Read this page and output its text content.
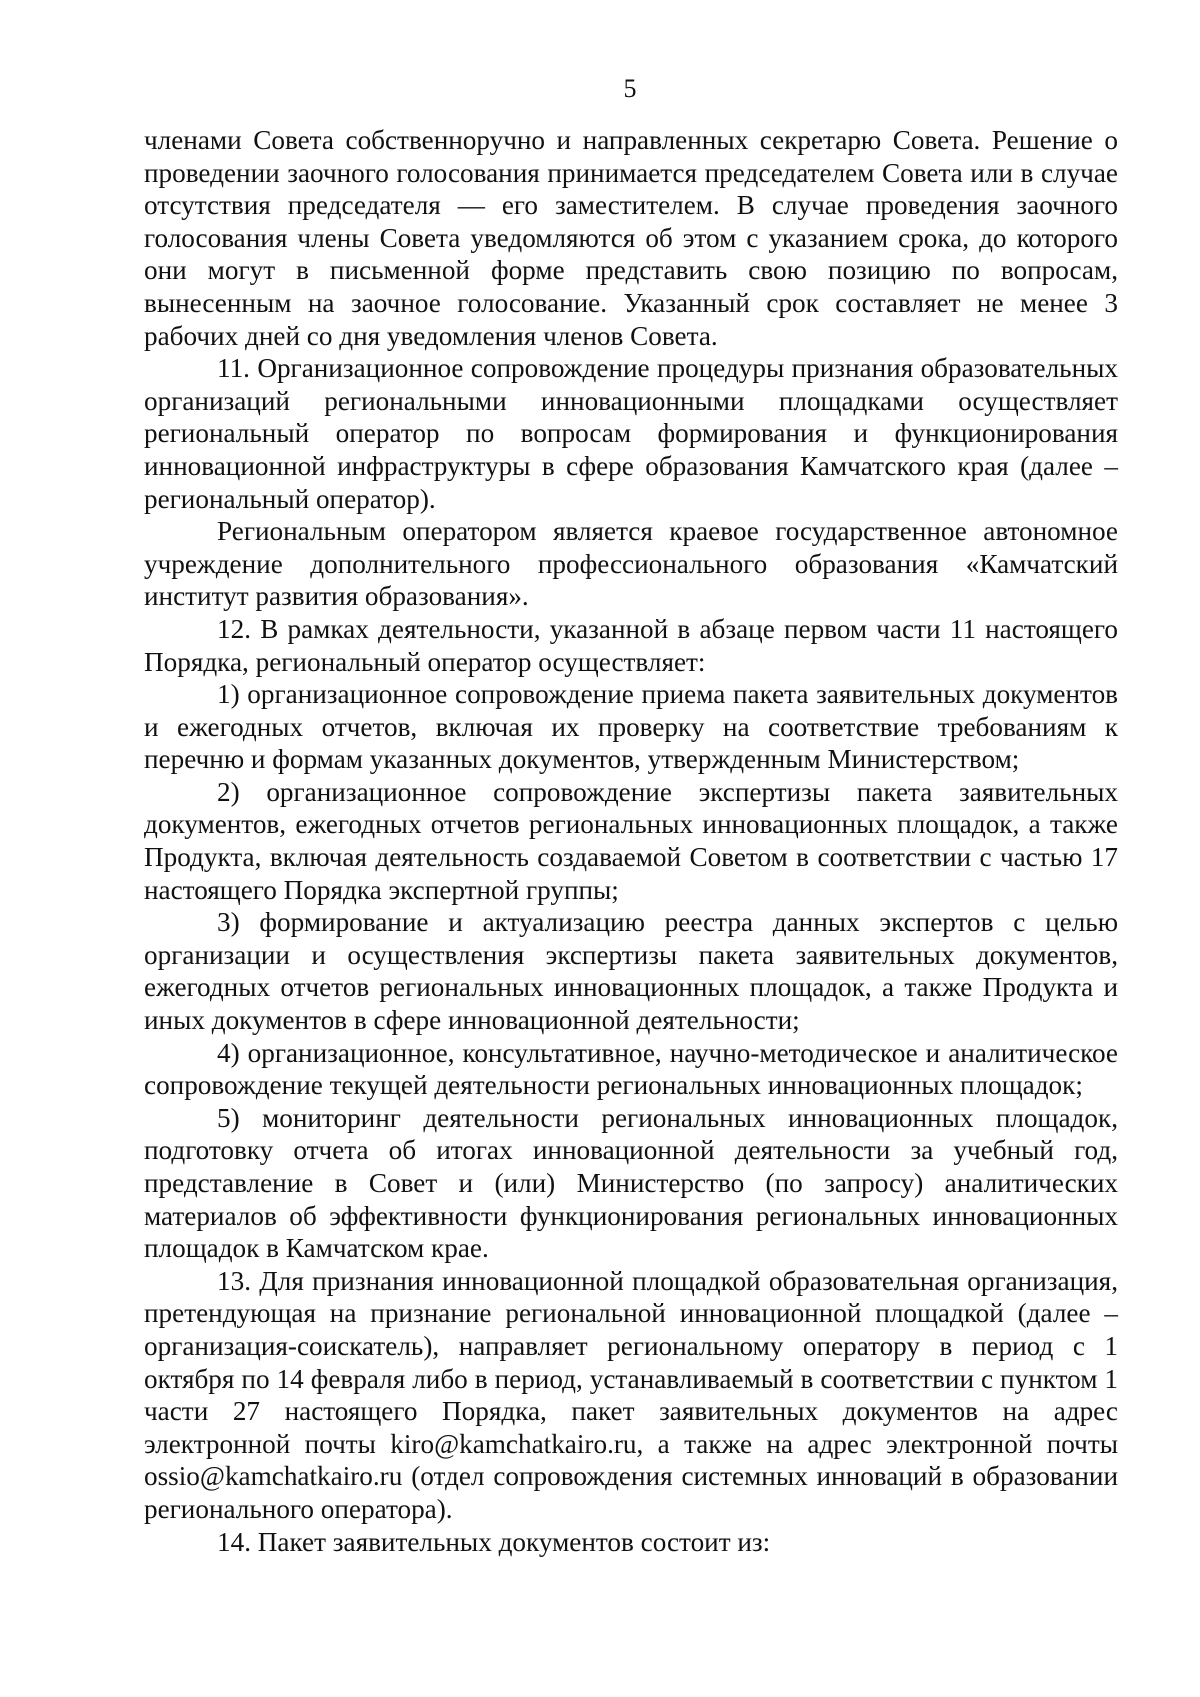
5

членами Совета собственноручно и направленных секретарю Совета. Решение о проведении заочного голосования принимается председателем Совета или в случае отсутствия председателя — его заместителем. В случае проведения заочного голосования члены Совета уведомляются об этом с указанием срока, до которого они могут в письменной форме представить свою позицию по вопросам, вынесенным на заочное голосование. Указанный срок составляет не менее 3 рабочих дней со дня уведомления членов Совета.

11. Организационное сопровождение процедуры признания образовательных организаций региональными инновационными площадками осуществляет региональный оператор по вопросам формирования и функционирования инновационной инфраструктуры в сфере образования Камчатского края (далее – региональный оператор).

Региональным оператором является краевое государственное автономное учреждение дополнительного профессионального образования «Камчатский институт развития образования».

12. В рамках деятельности, указанной в абзаце первом части 11 настоящего Порядка, региональный оператор осуществляет:

1) организационное сопровождение приема пакета заявительных документов и ежегодных отчетов, включая их проверку на соответствие требованиям к перечню и формам указанных документов, утвержденным Министерством;

2) организационное сопровождение экспертизы пакета заявительных документов, ежегодных отчетов региональных инновационных площадок, а также Продукта, включая деятельность создаваемой Советом в соответствии с частью 17 настоящего Порядка экспертной группы;

3) формирование и актуализацию реестра данных экспертов с целью организации и осуществления экспертизы пакета заявительных документов, ежегодных отчетов региональных инновационных площадок, а также Продукта и иных документов в сфере инновационной деятельности;

4) организационное, консультативное, научно-методическое и аналитическое сопровождение текущей деятельности региональных инновационных площадок;

5) мониторинг деятельности региональных инновационных площадок, подготовку отчета об итогах инновационной деятельности за учебный год, представление в Совет и (или) Министерство (по запросу) аналитических материалов об эффективности функционирования региональных инновационных площадок в Камчатском крае.

13. Для признания инновационной площадкой образовательная организация, претендующая на признание региональной инновационной площадкой (далее – организация-соискатель), направляет региональному оператору в период с 1 октября по 14 февраля либо в период, устанавливаемый в соответствии с пунктом 1 части 27 настоящего Порядка, пакет заявительных документов на адрес электронной почты kiro@kamchatkairo.ru, а также на адрес электронной почты ossio@kamchatkairo.ru (отдел сопровождения системных инноваций в образовании регионального оператора).

14. Пакет заявительных документов состоит из:
